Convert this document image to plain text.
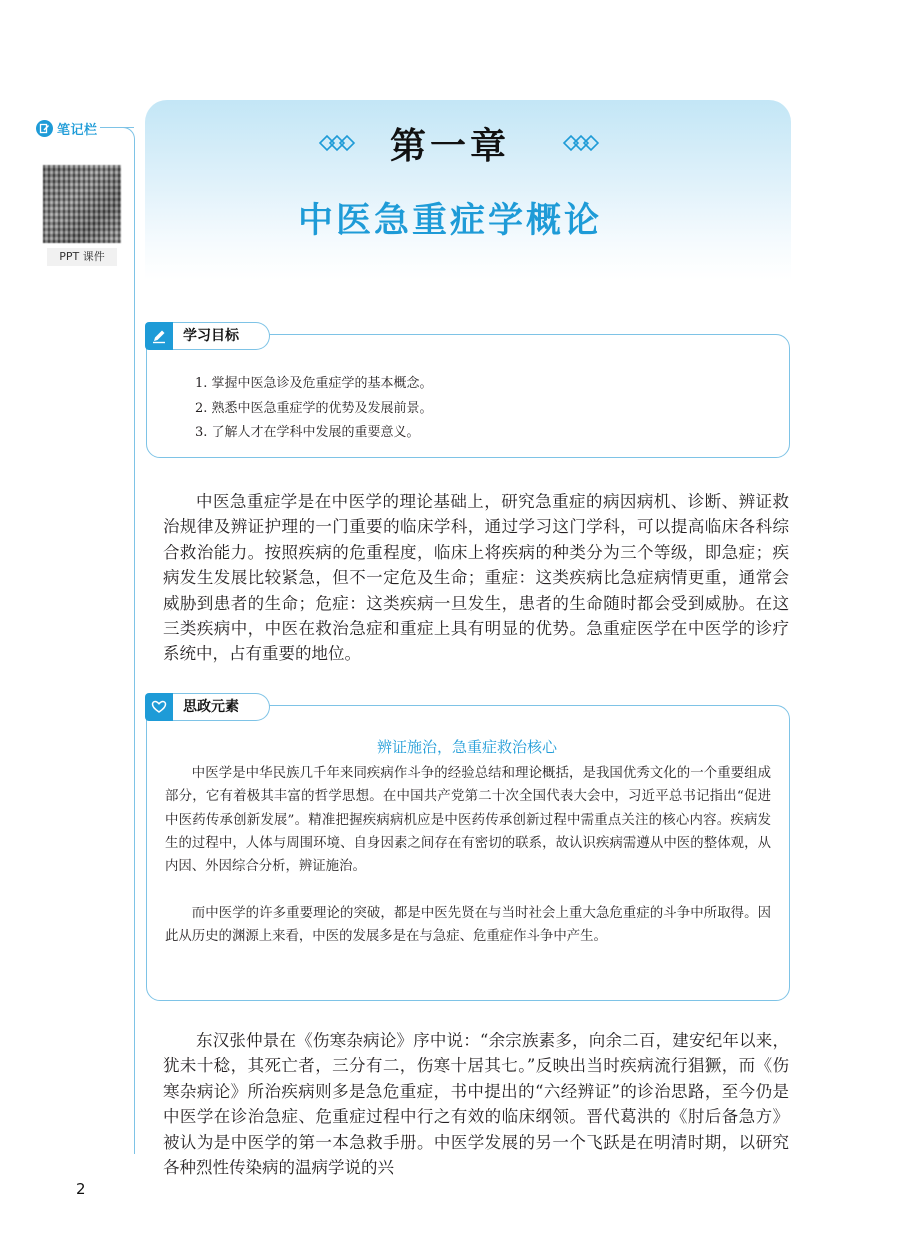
笔记栏
PPT 课件
第一章
中医急重症学概论
学习目标
1. 掌握中医急诊及危重症学的基本概念。
2. 熟悉中医急重症学的优势及发展前景。
3. 了解人才在学科中发展的重要意义。

中医急重症学是在中医学的理论基础上，研究急重症的病因病机、诊断、辨证救治规律及辨证护理的一门重要的临床学科，通过学习这门学科，可以提高临床各科综合救治能力。按照疾病的危重程度，临床上将疾病的种类分为三个等级，即急症；疾病发生发展比较紧急，但不一定危及生命；重症：这类疾病比急症病情更重，通常会威胁到患者的生命；危症：这类疾病一旦发生，患者的生命随时都会受到威胁。在这三类疾病中，中医在救治急症和重症上具有明显的优势。急重症医学在中医学的诊疗系统中，占有重要的地位。

思政元素
辨证施治，急重症救治核心

中医学是中华民族几千年来同疾病作斗争的经验总结和理论概括，是我国优秀文化的一个重要组成部分，它有着极其丰富的哲学思想。在中国共产党第二十次全国代表大会中，习近平总书记指出“促进中医药传承创新发展”。精准把握疾病病机应是中医药传承创新过程中需重点关注的核心内容。疾病发生的过程中，人体与周围环境、自身因素之间存在有密切的联系，故认识疾病需遵从中医的整体观，从内因、外因综合分析，辨证施治。

而中医学的许多重要理论的突破，都是中医先贤在与当时社会上重大急危重症的斗争中所取得。因此从历史的渊源上来看，中医的发展多是在与急症、危重症作斗争中产生。

东汉张仲景在《伤寒杂病论》序中说：“余宗族素多，向余二百，建安纪年以来，犹未十稔，其死亡者，三分有二，伤寒十居其七。”反映出当时疾病流行猖獗，而《伤寒杂病论》所治疾病则多是急危重症，书中提出的“六经辨证”的诊治思路，至今仍是中医学在诊治急症、危重症过程中行之有效的临床纲领。晋代葛洪的《肘后备急方》被认为是中医学的第一本急救手册。中医学发展的另一个飞跃是在明清时期，以研究各种烈性传染病的温病学说的兴

2
